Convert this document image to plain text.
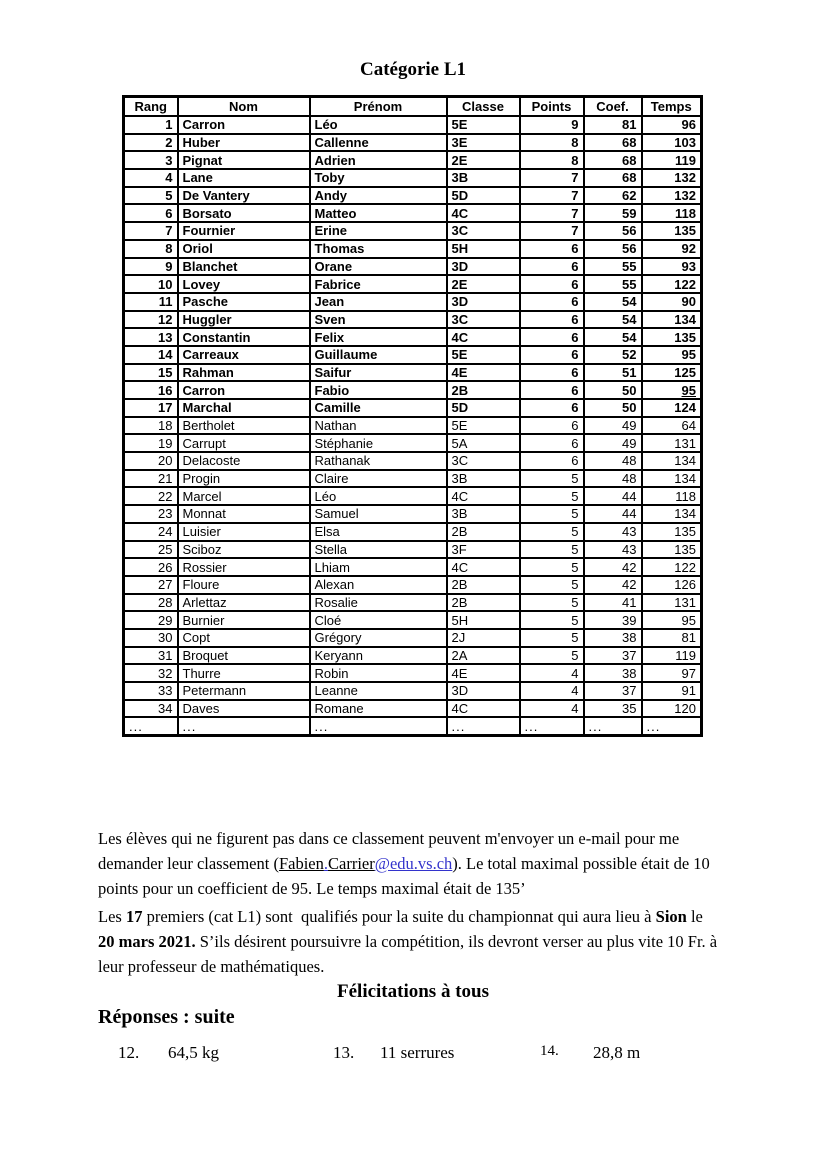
Catégorie L1
Rang	Nom	Prénom	Classe	Points	Coef.	Temps
1	Carron	Léo	5E	9	81	96
2	Huber	Callenne	3E	8	68	103
3	Pignat	Adrien	2E	8	68	119
4	Lane	Toby	3B	7	68	132
5	De Vantery	Andy	5D	7	62	132
6	Borsato	Matteo	4C	7	59	118
7	Fournier	Erine	3C	7	56	135
8	Oriol	Thomas	5H	6	56	92
9	Blanchet	Orane	3D	6	55	93
10	Lovey	Fabrice	2E	6	55	122
11	Pasche	Jean	3D	6	54	90
12	Huggler	Sven	3C	6	54	134
13	Constantin	Felix	4C	6	54	135
14	Carreaux	Guillaume	5E	6	52	95
15	Rahman	Saifur	4E	6	51	125
16	Carron	Fabio	2B	6	50	95
17	Marchal	Camille	5D	6	50	124
18	Bertholet	Nathan	5E	6	49	64
19	Carrupt	Stéphanie	5A	6	49	131
20	Delacoste	Rathanak	3C	6	48	134
21	Progin	Claire	3B	5	48	134
22	Marcel	Léo	4C	5	44	118
23	Monnat	Samuel	3B	5	44	134
24	Luisier	Elsa	2B	5	43	135
25	Sciboz	Stella	3F	5	43	135
26	Rossier	Lhiam	4C	5	42	122
27	Floure	Alexan	2B	5	42	126
28	Arlettaz	Rosalie	2B	5	41	131
29	Burnier	Cloé	5H	5	39	95
30	Copt	Grégory	2J	5	38	81
31	Broquet	Keryann	2A	5	37	119
32	Thurre	Robin	4E	4	38	97
33	Petermann	Leanne	3D	4	37	91
34	Daves	Romane	4C	4	35	120
...	...	...	...	...	...	...
Les élèves qui ne figurent pas dans ce classement peuvent m'envoyer un e-mail pour me
demander leur classement (Fabien.Carrier@edu.vs.ch). Le total maximal possible était de 10
points pour un coefficient de 95. Le temps maximal était de 135’
Les 17 premiers (cat L1) sont  qualifiés pour la suite du championnat qui aura lieu à Sion le
20 mars 2021. S’ils désirent poursuivre la compétition, ils devront verser au plus vite 10 Fr. à
leur professeur de mathématiques.
Félicitations à tous
Réponses : suite
12. 64,5 kg	13. 11 serrures	14. 28,8 m
